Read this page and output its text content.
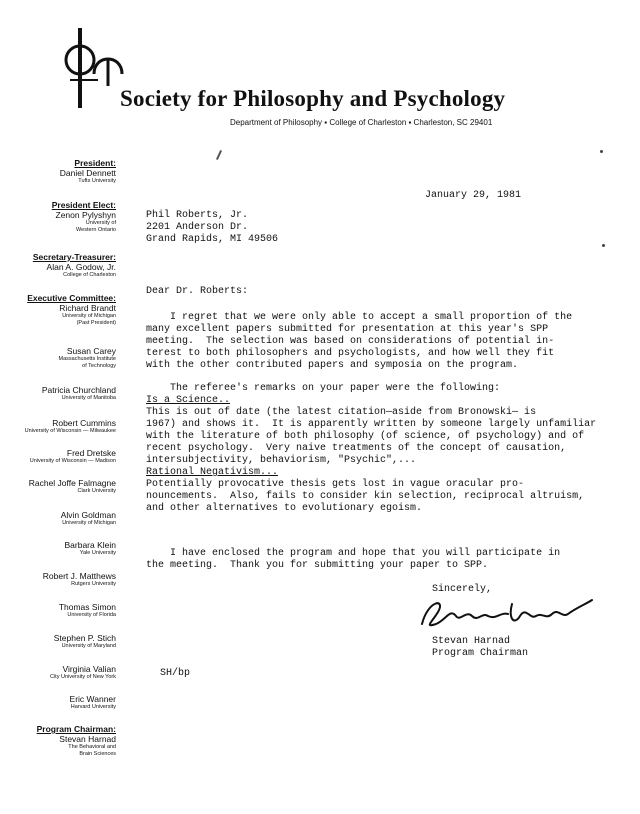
Society for Philosophy and Psychology
Department of Philosophy ▪ College of Charleston ▪ Charleston, SC 29401
President:
Daniel Dennett
Tufts University
President Elect:
Zenon Pylyshyn
University of
Western Ontario
Secretary-Treasurer:
Alan A. Godow, Jr.
College of Charleston
Executive Committee:
Richard Brandt
University of Michigan
(Past President)
Susan Carey
Massachusetts Institute
of Technology
Patricia Churchland
University of Manitoba
Robert Cummins
University of Wisconsin — Milwaukee
Fred Dretske
University of Wisconsin — Madison
Rachel Joffe Falmagne
Clark University
Alvin Goldman
University of Michigan
Barbara Klein
Yale University
Robert J. Matthews
Rutgers University
Thomas Simon
University of Florida
Stephen P. Stich
University of Maryland
Virginia Valian
City University of New York
Eric Wanner
Harvard University
Program Chairman:
Stevan Harnad
The Behavioral and
Brain Sciences
January 29, 1981
Phil Roberts, Jr.
2201 Anderson Dr.
Grand Rapids, MI 49506
Dear Dr. Roberts:
I regret that we were only able to accept a small proportion of the
many excellent papers submitted for presentation at this year's SPP
meeting.  The selection was based on considerations of potential in-
terest to both philosophers and psychologists, and how well they fit
with the other contributed papers and symposia on the program.
The referee's remarks on your paper were the following:
Is a Science..
This is out of date (the latest citation—aside from Bronowski— is
1967) and shows it.  It is apparently written by someone largely unfamiliar
with the literature of both philosophy (of science, of psychology) and of
recent psychology.  Very naive treatments of the concept of causation,
intersubjectivity, behaviorism, "Psychic",...
Rational Negativism...
Potentially provocative thesis gets lost in vague oracular pro-
nouncements.  Also, fails to consider kin selection, reciprocal altruism,
and other alternatives to evolutionary egoism.
I have enclosed the program and hope that you will participate in
the meeting.  Thank you for submitting your paper to SPP.
Sincerely,
Stevan Harnad
Program Chairman
SH/bp
